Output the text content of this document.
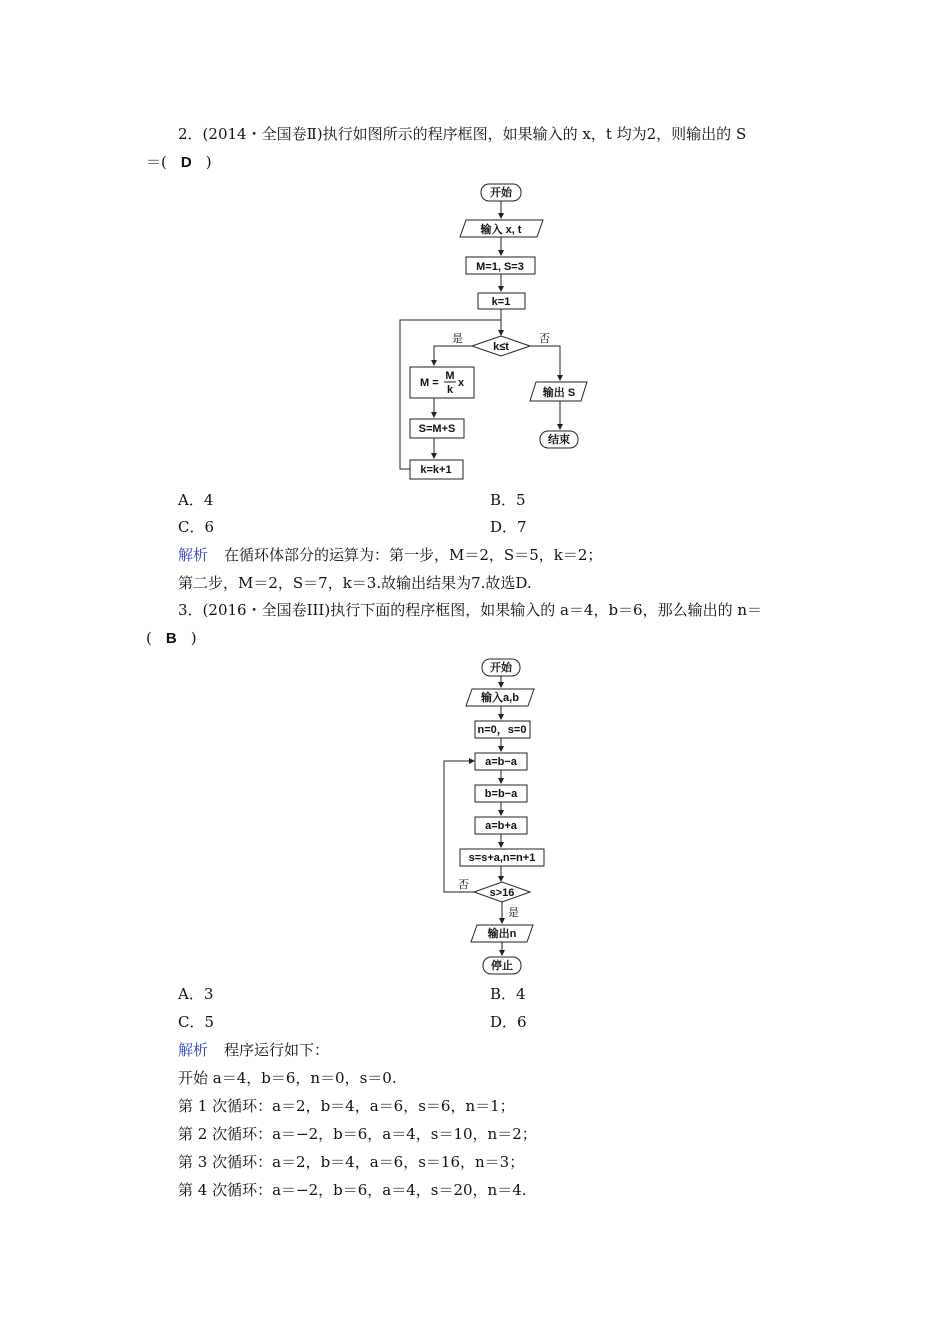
2．(2014・全国卷Ⅱ)执行如图所示的程序框图，如果输入的 x，t 均为2，则输出的 S
＝( D )
开始
输入 x, t
M=1, S=3
k=1
k≤t
是	否
M =
M
k
x
S=M+S
k=k+1
输出 S
结束
A．4	B．5
C．6	D．7
解析 在循环体部分的运算为：第一步，M＝2，S＝5，k＝2；
第二步，M＝2，S＝7，k＝3.故输出结果为7.故选D.
3．(2016・全国卷III)执行下面的程序框图，如果输入的 a＝4，b＝6，那么输出的 n＝
( B )
开始
输入a,b
n=0，s=0
a=b−a
b=b−a
a=b+a
s=s+a,n=n+1
s>16
否
是
输出n
停止
A．3	B．4
C．5	D．6
解析 程序运行如下：
开始 a＝4，b＝6，n＝0，s＝0.
第 1 次循环：a＝2，b＝4，a＝6，s＝6，n＝1；
第 2 次循环：a＝−2，b＝6，a＝4，s＝10，n＝2；
第 3 次循环：a＝2，b＝4，a＝6，s＝16，n＝3；
第 4 次循环：a＝−2，b＝6，a＝4，s＝20，n＝4.
